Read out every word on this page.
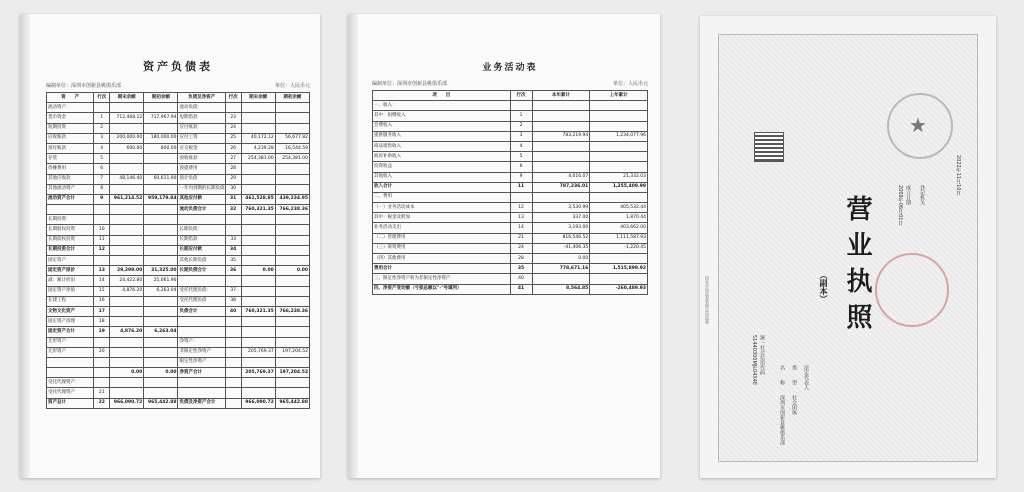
资产负债表
编制单位：深圳市创新县桃俱乐部	单位：人民币元
资　　产	行次	期末余额	期初余额	负债及净资产	行次	期末余额	期初余额
流动资产：				流动负债：			
货币资金	1	712,468.12	717,967.94	短期借款	23		
短期投资	2			应付账款	24		
应收账款	3	200,000.00	180,000.00	应付工资	25	40,172.12	56,677.82
预付账款	4	600.00	800.00	应交税金	26	4,239.28	16,544.59
存货	5			预收账款	27	254,381.00	254,381.00
待摊费用	6			预提费用	28		
其他应收款	7	48,146.40	60,611.90	预计负债	29		
其他流动资产	8			一年内到期的长期负债	30		
流动资产合计	9	961,214.52	959,179.84	其他应付款	31	461,528.85	439,234.95
				流动负债合计	32	760,321.35	766,238.36
长期投资：							
长期股权投资	10			长期负债：			
长期债权投资	11			长期借款	33		
长期投资合计	12			长期应付款	34		
固定资产：				其他长期负债	35		
固定资产原价	13	29,299.00	31,325.00	长期负债合计	36	0.00	0.00
减：累计折旧	14	24,422.80	25,061.96				
固定资产净值	15	4,876.20	6,263.04	受托代理负债：	37		
在建工程	16			受托代理负债	38		
文物文化资产	17			负债合计	40	760,321.35	766,238.36
固定资产清理	18						
固定资产合计	19	4,876.20	6,263.04				
无形资产：				净资产：			
无形资产	20			非限定性净资产		205,769.37	197,204.52
				限定性净资产			
		0.00	0.00	净资产合计		205,769.37	197,204.52
受托代理资产：							
受托代理资产	21						
资产总计	22	966,090.72	965,442.88	负债及净资产合计		966,090.72	965,442.88
业务活动表
编制单位：深圳市创新县桃俱乐部	单位：人民币元
项　　目	行次	本年累计	上年累计
一、收入：			
其中：捐赠收入	1		
会费收入	2		
提供服务收入	3	783,219.94	1,234,077.96
商品销售收入	4		
政府补助收入	5		
投资收益	6		
其他收入	9	4,016.07	21,332.03
收入合计	11	787,236.01	1,255,409.99
二、费用			
（一）业务活动成本	12	3,530.99	405,532.44
其中：税金及附加	13	337.00	1,870.44
业务活动支出	14	3,193.00	403,662.00
（二）管理费用	21	816,546.52	1,111,587.93
（三）筹资费用	24	-41,406.35	-1,220.45
（四）其他费用	28	0.00	
费用合计	35	778,671.16	1,515,899.92
三、限定性净资产转为非限定性净资产	40		
四、净资产变动额（亏损总额以"-"号填列）	41	8,564.85	-260,489.93
★
营业执照
（副本）
成立日期
2009年06月01日	登记机关	2022年11月10日
统一社会信用代码
51440300MJL04X4E	名　　称
深圳市创新县桃俱乐部
类　　型
社会团体
法定代表人
国家市场监督管理总局监制
